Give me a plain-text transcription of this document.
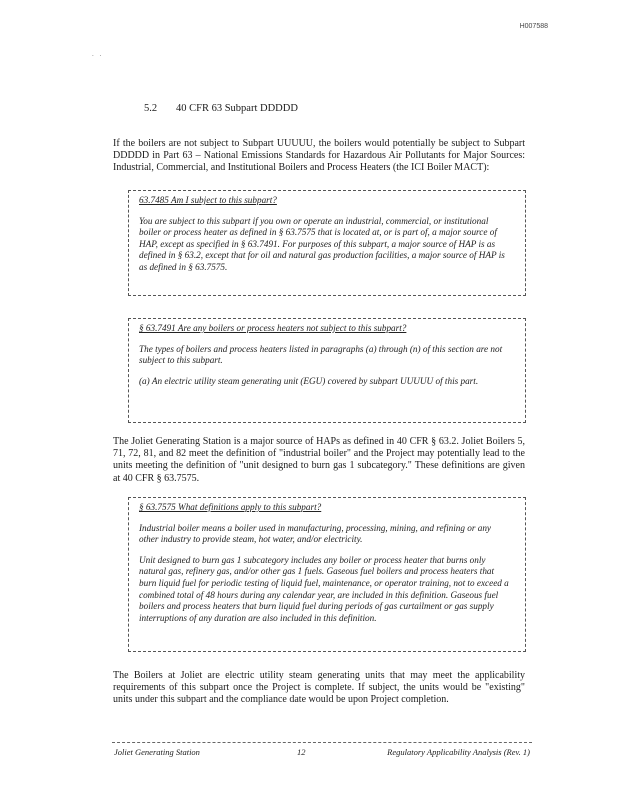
H007588
. .
5.2 40 CFR 63 Subpart DDDDD

If the boilers are not subject to Subpart UUUUU, the boilers would potentially be subject to Subpart DDDDD in Part 63 – National Emissions Standards for Hazardous Air Pollutants for Major Sources: Industrial, Commercial, and Institutional Boilers and Process Heaters (the ICI Boiler MACT):

63.7485 Am I subject to this subpart?

You are subject to this subpart if you own or operate an industrial, commercial, or institutional boiler or process heater as defined in § 63.7575 that is located at, or is part of, a major source of HAP, except as specified in § 63.7491. For purposes of this subpart, a major source of HAP is as defined in § 63.2, except that for oil and natural gas production facilities, a major source of HAP is as defined in § 63.7575.

§ 63.7491 Are any boilers or process heaters not subject to this subpart?

The types of boilers and process heaters listed in paragraphs (a) through (n) of this section are not subject to this subpart.

(a) An electric utility steam generating unit (EGU) covered by subpart UUUUU of this part.

The Joliet Generating Station is a major source of HAPs as defined in 40 CFR § 63.2. Joliet Boilers 5, 71, 72, 81, and 82 meet the definition of "industrial boiler" and the Project may potentially lead to the units meeting the definition of "unit designed to burn gas 1 subcategory." These definitions are given at 40 CFR § 63.7575.

§ 63.7575 What definitions apply to this subpart?

Industrial boiler means a boiler used in manufacturing, processing, mining, and refining or any other industry to provide steam, hot water, and/or electricity.

Unit designed to burn gas 1 subcategory includes any boiler or process heater that burns only natural gas, refinery gas, and/or other gas 1 fuels. Gaseous fuel boilers and process heaters that burn liquid fuel for periodic testing of liquid fuel, maintenance, or operator training, not to exceed a combined total of 48 hours during any calendar year, are included in this definition. Gaseous fuel boilers and process heaters that burn liquid fuel during periods of gas curtailment or gas supply interruptions of any duration are also included in this definition.

The Boilers at Joliet are electric utility steam generating units that may meet the applicability requirements of this subpart once the Project is complete. If subject, the units would be "existing" units under this subpart and the compliance date would be upon Project completion.

Joliet Generating Station	12	Regulatory Applicability Analysis (Rev. 1)
